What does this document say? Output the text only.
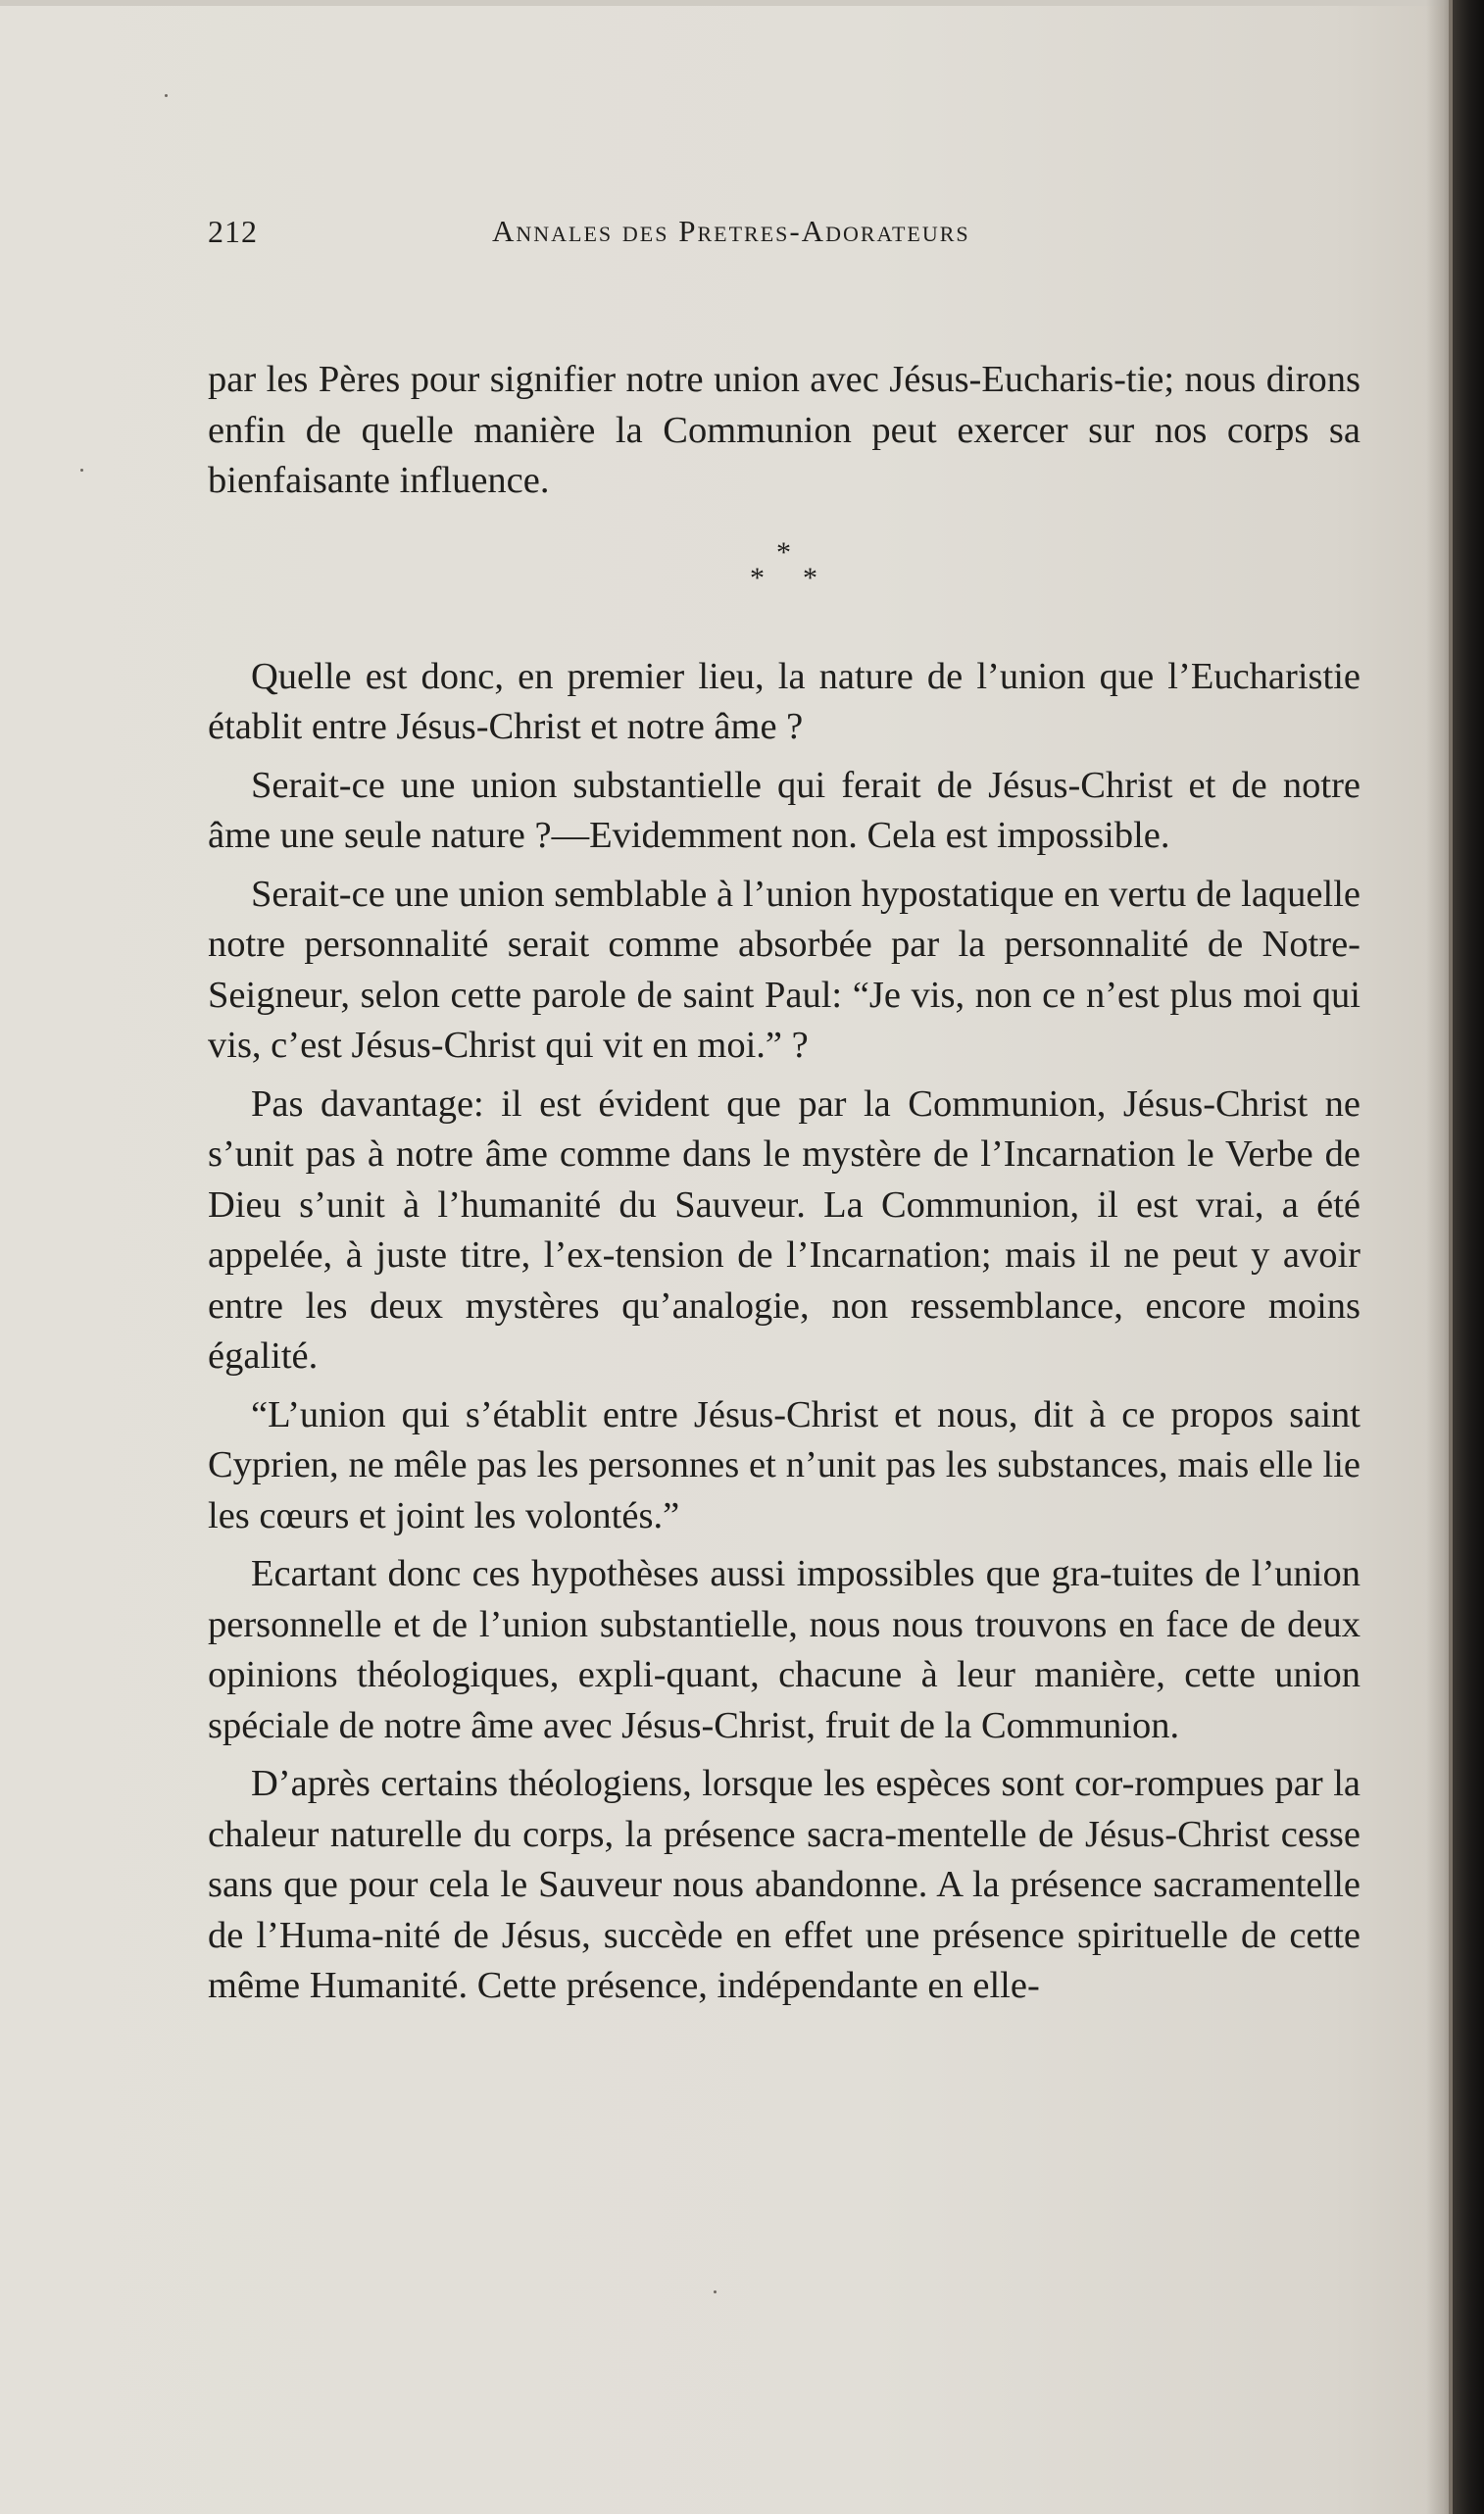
212	Annales des Pretres-Adorateurs

par les Pères pour signifier notre union avec Jésus-Eucharis-tie; nous dirons enfin de quelle manière la Communion peut exercer sur nos corps sa bienfaisante influence.

*
* *

Quelle est donc, en premier lieu, la nature de l’union que l’Eucharistie établit entre Jésus-Christ et notre âme ?

Serait-ce une union substantielle qui ferait de Jésus-Christ et de notre âme une seule nature ?—Evidemment non. Cela est impossible.

Serait-ce une union semblable à l’union hypostatique en vertu de laquelle notre personnalité serait comme absorbée par la personnalité de Notre-Seigneur, selon cette parole de saint Paul: “Je vis, non ce n’est plus moi qui vis, c’est Jésus-Christ qui vit en moi.” ?

Pas davantage: il est évident que par la Communion, Jésus-Christ ne s’unit pas à notre âme comme dans le mystère de l’Incarnation le Verbe de Dieu s’unit à l’humanité du Sauveur. La Communion, il est vrai, a été appelée, à juste titre, l’ex-tension de l’Incarnation; mais il ne peut y avoir entre les deux mystères qu’analogie, non ressemblance, encore moins égalité.

“L’union qui s’établit entre Jésus-Christ et nous, dit à ce propos saint Cyprien, ne mêle pas les personnes et n’unit pas les substances, mais elle lie les cœurs et joint les volontés.”

Ecartant donc ces hypothèses aussi impossibles que gra-tuites de l’union personnelle et de l’union substantielle, nous nous trouvons en face de deux opinions théologiques, expli-quant, chacune à leur manière, cette union spéciale de notre âme avec Jésus-Christ, fruit de la Communion.

D’après certains théologiens, lorsque les espèces sont cor-rompues par la chaleur naturelle du corps, la présence sacra-mentelle de Jésus-Christ cesse sans que pour cela le Sauveur nous abandonne. A la présence sacramentelle de l’Huma-nité de Jésus, succède en effet une présence spirituelle de cette même Humanité. Cette présence, indépendante en elle-
